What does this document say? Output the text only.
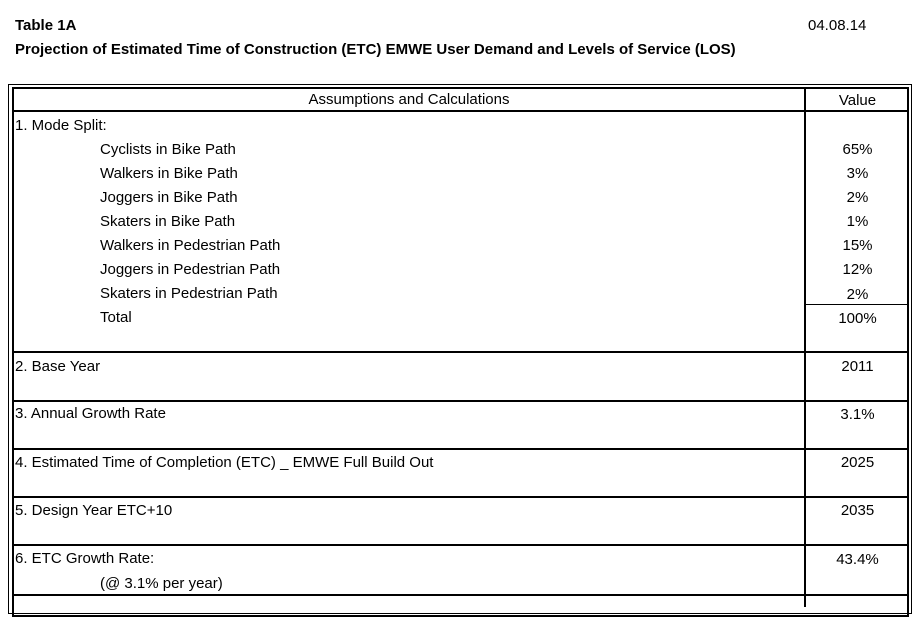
Table 1A
Projection of Estimated Time of Construction (ETC) EMWE User Demand and Levels of Service (LOS)
04.08.14
Assumptions and Calculations	Value
1. Mode Split:
Cyclists in Bike Path	65%
Walkers in Bike Path	3%
Joggers in Bike Path	2%
Skaters in Bike Path	1%
Walkers in Pedestrian Path	15%
Joggers in Pedestrian Path	12%
Skaters in Pedestrian Path	2%
Total	100%
2. Base Year	2011
3. Annual Growth Rate	3.1%
4. Estimated Time of Completion (ETC) _ EMWE Full Build Out	2025
5. Design Year ETC+10	2035
6. ETC Growth Rate:	43.4%
(@ 3.1% per year)
